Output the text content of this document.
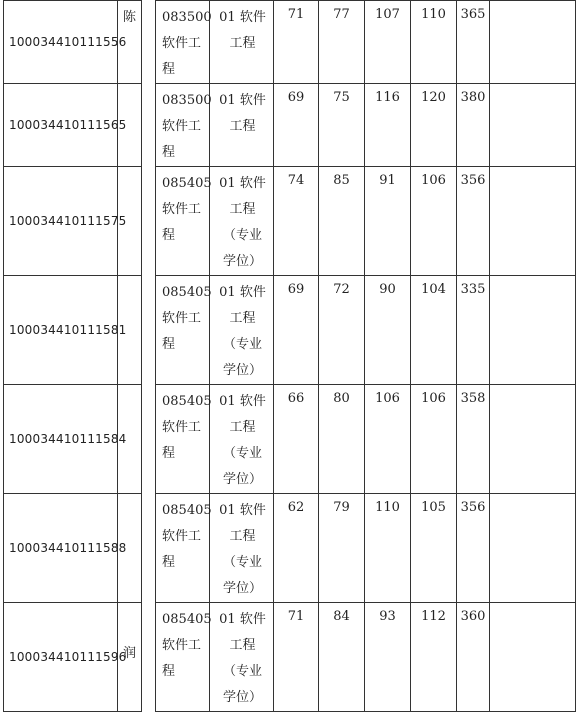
100034410111556	陈		083500
软件工
程	01 软件
工程	71	77	107	110	365	
100034410111565			083500
软件工
程	01 软件
工程	69	75	116	120	380	
100034410111575			085405
软件工
程	01 软件
工程
（专业
学位）	74	85	91	106	356	
100034410111581			085405
软件工
程	01 软件
工程
（专业
学位）	69	72	90	104	335	
100034410111584			085405
软件工
程	01 软件
工程
（专业
学位）	66	80	106	106	358	
100034410111588			085405
软件工
程	01 软件
工程
（专业
学位）	62	79	110	105	356	
100034410111596	润		085405
软件工
程	01 软件
工程
（专业
学位）	71	84	93	112	360	
